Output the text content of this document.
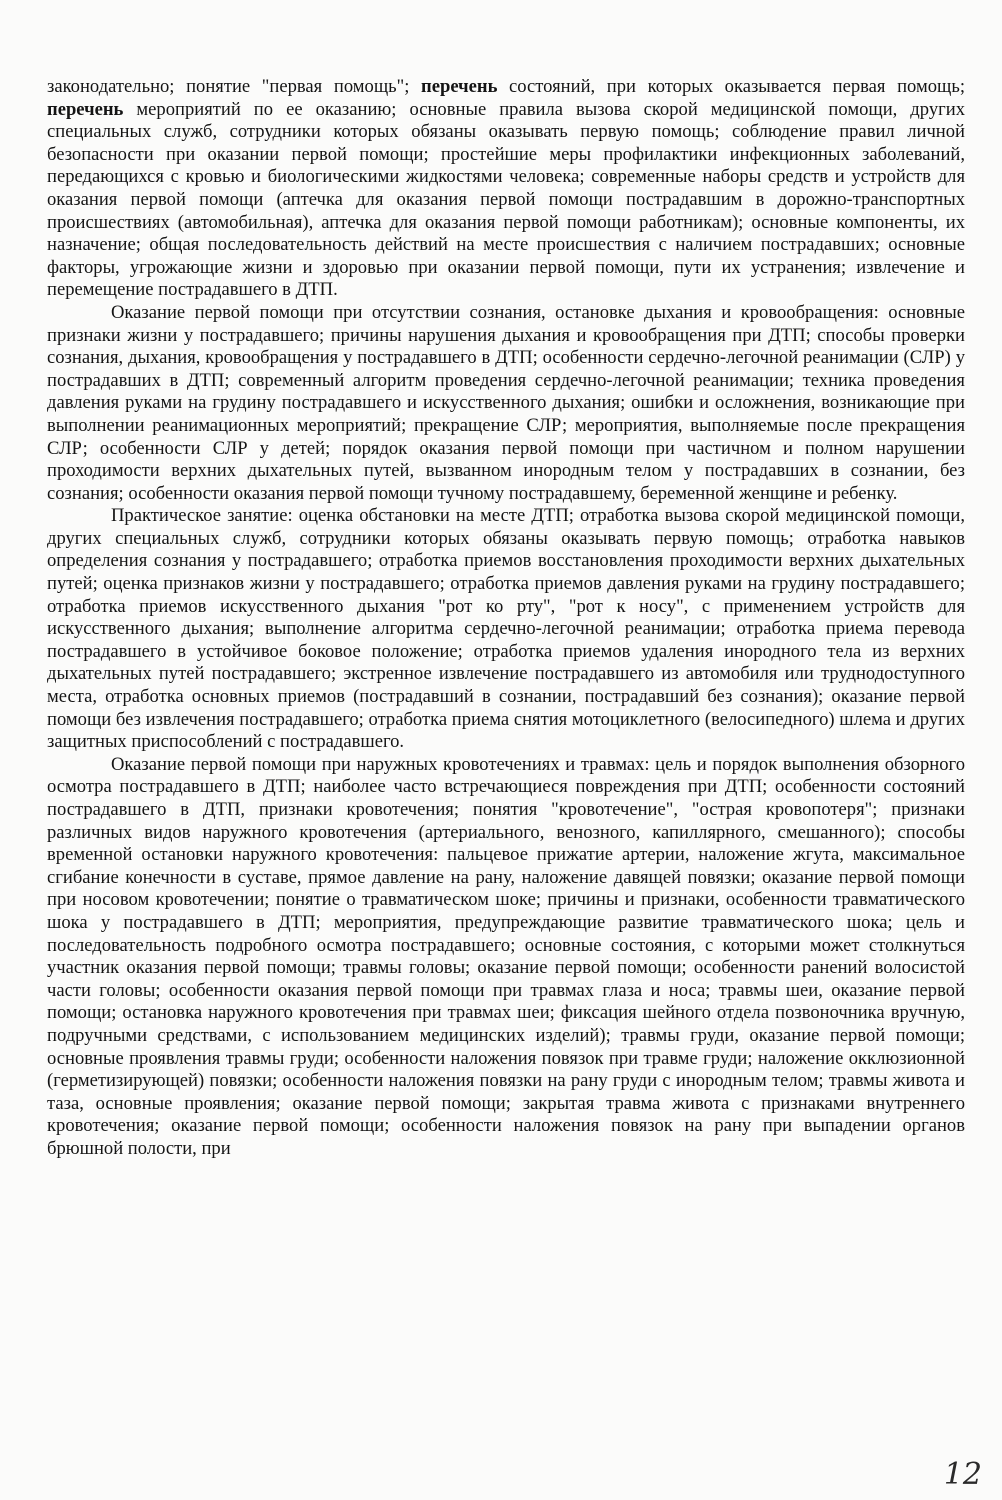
законодательно; понятие "первая помощь"; перечень состояний, при которых оказывается первая помощь; перечень мероприятий по ее оказанию; основные правила вызова скорой медицинской помощи, других специальных служб, сотрудники которых обязаны оказывать первую помощь; соблюдение правил личной безопасности при оказании первой помощи; простейшие меры профилактики инфекционных заболеваний, передающихся с кровью и биологическими жидкостями человека; современные наборы средств и устройств для оказания первой помощи (аптечка для оказания первой помощи пострадавшим в дорожно-транспортных происшествиях (автомобильная), аптечка для оказания первой помощи работникам); основные компоненты, их назначение; общая последовательность действий на месте происшествия с наличием пострадавших; основные факторы, угрожающие жизни и здоровью при оказании первой помощи, пути их устранения; извлечение и перемещение пострадавшего в ДТП.

Оказание первой помощи при отсутствии сознания, остановке дыхания и кровообращения: основные признаки жизни у пострадавшего; причины нарушения дыхания и кровообращения при ДТП; способы проверки сознания, дыхания, кровообращения у пострадавшего в ДТП; особенности сердечно-легочной реанимации (СЛР) у пострадавших в ДТП; современный алгоритм проведения сердечно-легочной реанимации; техника проведения давления руками на грудину пострадавшего и искусственного дыхания; ошибки и осложнения, возникающие при выполнении реанимационных мероприятий; прекращение СЛР; мероприятия, выполняемые после прекращения СЛР; особенности СЛР у детей; порядок оказания первой помощи при частичном и полном нарушении проходимости верхних дыхательных путей, вызванном инородным телом у пострадавших в сознании, без сознания; особенности оказания первой помощи тучному пострадавшему, беременной женщине и ребенку.

Практическое занятие: оценка обстановки на месте ДТП; отработка вызова скорой медицинской помощи, других специальных служб, сотрудники которых обязаны оказывать первую помощь; отработка навыков определения сознания у пострадавшего; отработка приемов восстановления проходимости верхних дыхательных путей; оценка признаков жизни у пострадавшего; отработка приемов давления руками на грудину пострадавшего; отработка приемов искусственного дыхания "рот ко рту", "рот к носу", с применением устройств для искусственного дыхания; выполнение алгоритма сердечно-легочной реанимации; отработка приема перевода пострадавшего в устойчивое боковое положение; отработка приемов удаления инородного тела из верхних дыхательных путей пострадавшего; экстренное извлечение пострадавшего из автомобиля или труднодоступного места, отработка основных приемов (пострадавший в сознании, пострадавший без сознания); оказание первой помощи без извлечения пострадавшего; отработка приема снятия мотоциклетного (велосипедного) шлема и других защитных приспособлений с пострадавшего.

Оказание первой помощи при наружных кровотечениях и травмах: цель и порядок выполнения обзорного осмотра пострадавшего в ДТП; наиболее часто встречающиеся повреждения при ДТП; особенности состояний пострадавшего в ДТП, признаки кровотечения; понятия "кровотечение", "острая кровопотеря"; признаки различных видов наружного кровотечения (артериального, венозного, капиллярного, смешанного); способы временной остановки наружного кровотечения: пальцевое прижатие артерии, наложение жгута, максимальное сгибание конечности в суставе, прямое давление на рану, наложение давящей повязки; оказание первой помощи при носовом кровотечении; понятие о травматическом шоке; причины и признаки, особенности травматического шока у пострадавшего в ДТП; мероприятия, предупреждающие развитие травматического шока; цель и последовательность подробного осмотра пострадавшего; основные состояния, с которыми может столкнуться участник оказания первой помощи; травмы головы; оказание первой помощи; особенности ранений волосистой части головы; особенности оказания первой помощи при травмах глаза и носа; травмы шеи, оказание первой помощи; остановка наружного кровотечения при травмах шеи; фиксация шейного отдела позвоночника вручную, подручными средствами, с использованием медицинских изделий); травмы груди, оказание первой помощи; основные проявления травмы груди; особенности наложения повязок при травме груди; наложение окклюзионной (герметизирующей) повязки; особенности наложения повязки на рану груди с инородным телом; травмы живота и таза, основные проявления; оказание первой помощи; закрытая травма живота с признаками внутреннего кровотечения; оказание первой помощи; особенности наложения повязок на рану при выпадении органов брюшной полости, при

12
